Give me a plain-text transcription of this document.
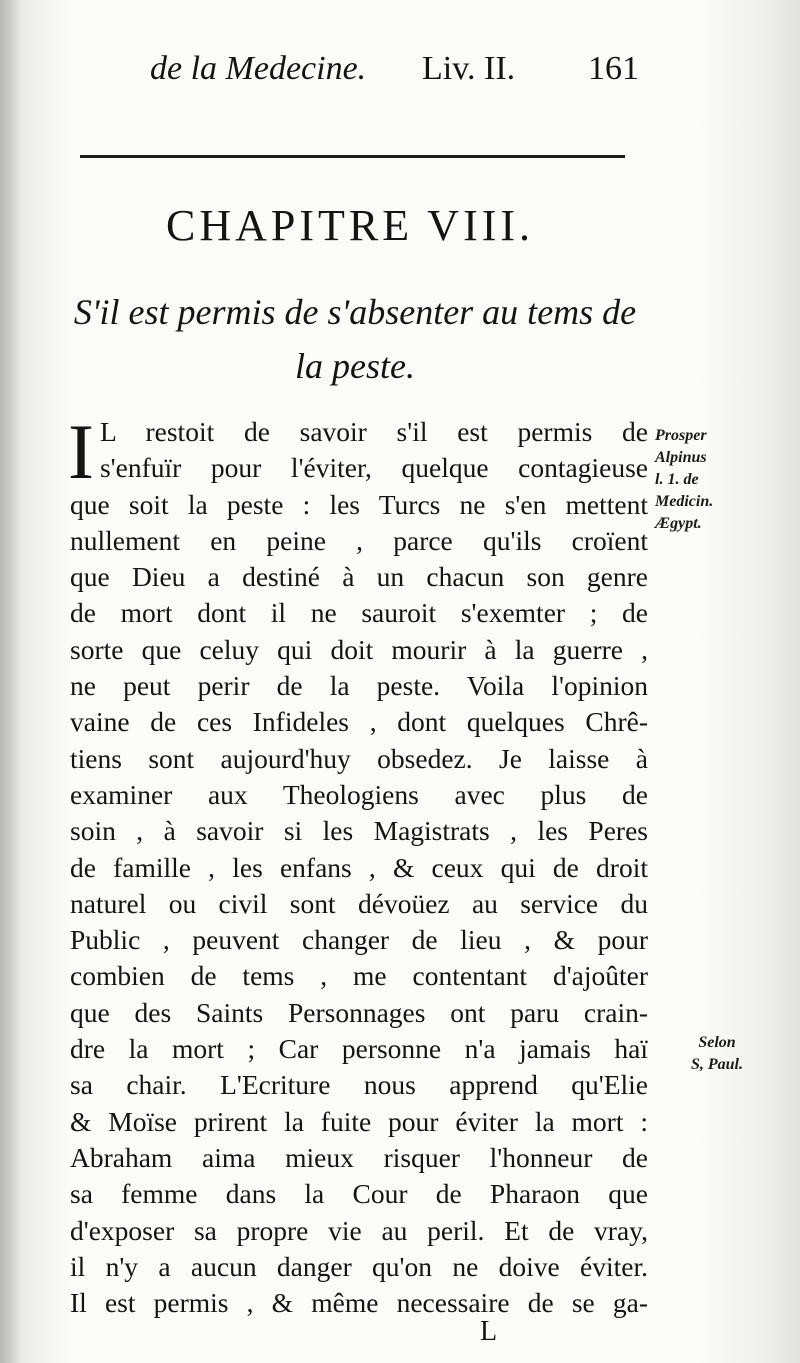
de la Medecine. Liv. II. 161
CHAPITRE VIII.
S'il est permis de s'absenter au tems de
la peste.
I L restoit de savoir s'il est permis de
s'enfuïr pour l'éviter, quelque contagieuse
que soit la peste : les Turcs ne s'en mettent
nullement en peine , parce qu'ils croïent
que Dieu a destiné à un chacun son genre
de mort dont il ne sauroit s'exemter ; de
sorte que celuy qui doit mourir à la guerre ,
ne peut perir de la peste. Voila l'opinion
vaine de ces Infideles , dont quelques Chrê-
tiens sont aujourd'huy obsedez. Je laisse à
examiner aux Theologiens avec plus de
soin , à savoir si les Magistrats , les Peres
de famille , les enfans , & ceux qui de droit
naturel ou civil sont dévoüez au service du
Public , peuvent changer de lieu , & pour
combien de tems , me contentant d'ajoûter
que des Saints Personnages ont paru crain-
dre la mort ; Car personne n'a jamais haï
sa chair. L'Ecriture nous apprend qu'Elie
& Moïse prirent la fuite pour éviter la mort :
Abraham aima mieux risquer l'honneur de
sa femme dans la Cour de Pharaon que
d'exposer sa propre vie au peril. Et de vray,
il n'y a aucun danger qu'on ne doive éviter.
Il est permis , & même necessaire de se ga-
Prosper
Alpinus
l. 1. de
Medicin.
Ægypt.
Selon
S, Paul.
L
